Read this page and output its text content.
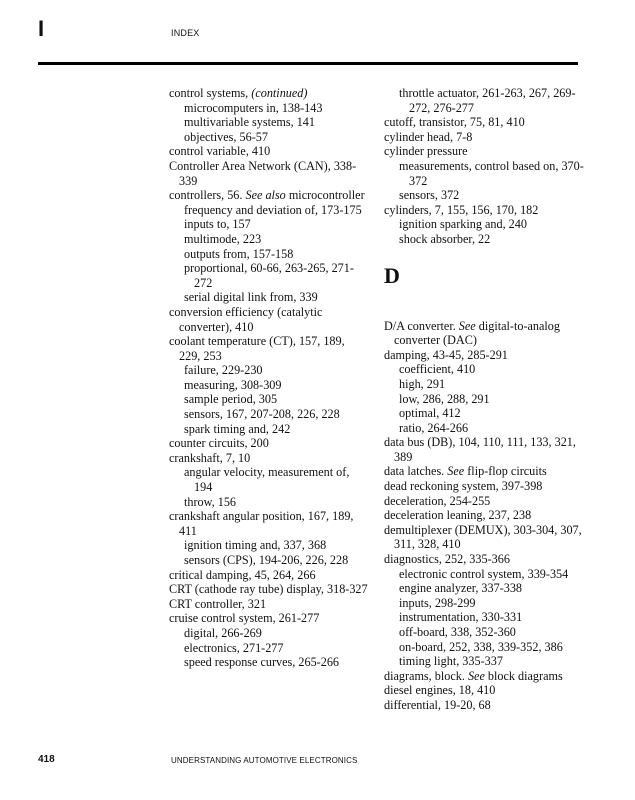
I	INDEX
control systems, (continued)
microcomputers in, 138-143
multivariable systems, 141
objectives, 56-57
control variable, 410
Controller Area Network (CAN), 338-339
controllers, 56. See also microcontroller
frequency and deviation of, 173-175
inputs to, 157
multimode, 223
outputs from, 157-158
proportional, 60-66, 263-265, 271-272
serial digital link from, 339
conversion efficiency (catalytic converter), 410
coolant temperature (CT), 157, 189, 229, 253
failure, 229-230
measuring, 308-309
sample period, 305
sensors, 167, 207-208, 226, 228
spark timing and, 242
counter circuits, 200
crankshaft, 7, 10
angular velocity, measurement of, 194
throw, 156
crankshaft angular position, 167, 189, 411
ignition timing and, 337, 368
sensors (CPS), 194-206, 226, 228
critical damping, 45, 264, 266
CRT (cathode ray tube) display, 318-327
CRT controller, 321
cruise control system, 261-277
digital, 266-269
electronics, 271-277
speed response curves, 265-266
throttle actuator, 261-263, 267, 269-272, 276-277
cutoff, transistor, 75, 81, 410
cylinder head, 7-8
cylinder pressure
measurements, control based on, 370-372
sensors, 372
cylinders, 7, 155, 156, 170, 182
ignition sparking and, 240
shock absorber, 22
D
D/A converter. See digital-to-analog converter (DAC)
damping, 43-45, 285-291
coefficient, 410
high, 291
low, 286, 288, 291
optimal, 412
ratio, 264-266
data bus (DB), 104, 110, 111, 133, 321, 389
data latches. See flip-flop circuits
dead reckoning system, 397-398
deceleration, 254-255
deceleration leaning, 237, 238
demultiplexer (DEMUX), 303-304, 307, 311, 328, 410
diagnostics, 252, 335-366
electronic control system, 339-354
engine analyzer, 337-338
inputs, 298-299
instrumentation, 330-331
off-board, 338, 352-360
on-board, 252, 338, 339-352, 386
timing light, 335-337
diagrams, block. See block diagrams
diesel engines, 18, 410
differential, 19-20, 68
418	UNDERSTANDING AUTOMOTIVE ELECTRONICS
